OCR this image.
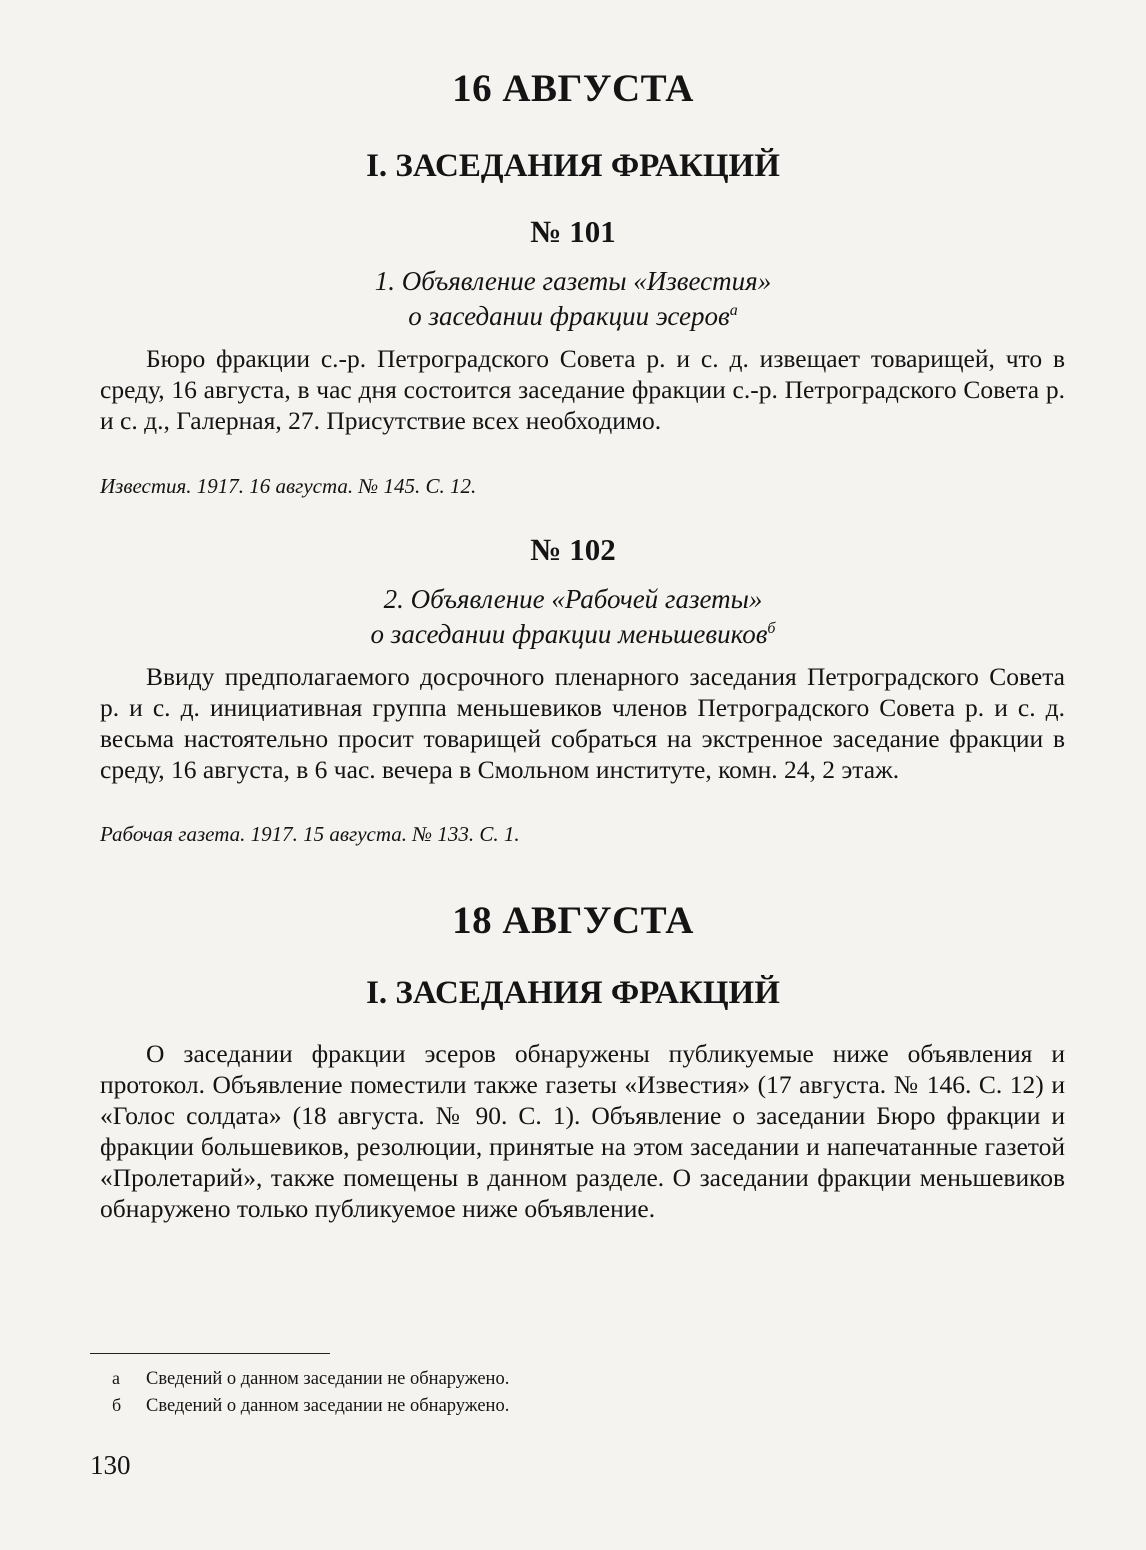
16 АВГУСТА
I. ЗАСЕДАНИЯ ФРАКЦИЙ
№ 101
1. Объявление газеты «Известия»
о заседании фракции эсеров$^а$

Бюро фракции с.-р. Петроградского Совета р. и с. д. извещает товарищей, что в среду, 16 августа, в час дня состоится заседание фракции с.-р. Петроградского Совета р. и с. д., Галерная, 27. Присутствие всех необходимо.

Известия. 1917. 16 августа. № 145. С. 12.
№ 102
2. Объявление «Рабочей газеты»
о заседании фракции меньшевиков$^б$

Ввиду предполагаемого досрочного пленарного заседания Петроградского Совета р. и с. д. инициативная группа меньшевиков членов Петроградского Совета р. и с. д. весьма настоятельно просит товарищей собраться на экстренное заседание фракции в среду, 16 августа, в 6 час. вечера в Смольном институте, комн. 24, 2 этаж.

Рабочая газета. 1917. 15 августа. № 133. С. 1.
18 АВГУСТА
I. ЗАСЕДАНИЯ ФРАКЦИЙ

О заседании фракции эсеров обнаружены публикуемые ниже объявления и протокол. Объявление поместили также газеты «Известия» (17 августа. № 146. С. 12) и «Голос солдата» (18 августа. № 90. С. 1). Объявление о заседании Бюро фракции и фракции большевиков, резолюции, принятые на этом заседании и напечатанные газетой «Пролетарий», также помещены в данном разделе. О заседании фракции меньшевиков обнаружено только публикуемое ниже объявление.

а Сведений о данном заседании не обнаружено.
б Сведений о данном заседании не обнаружено.
130
